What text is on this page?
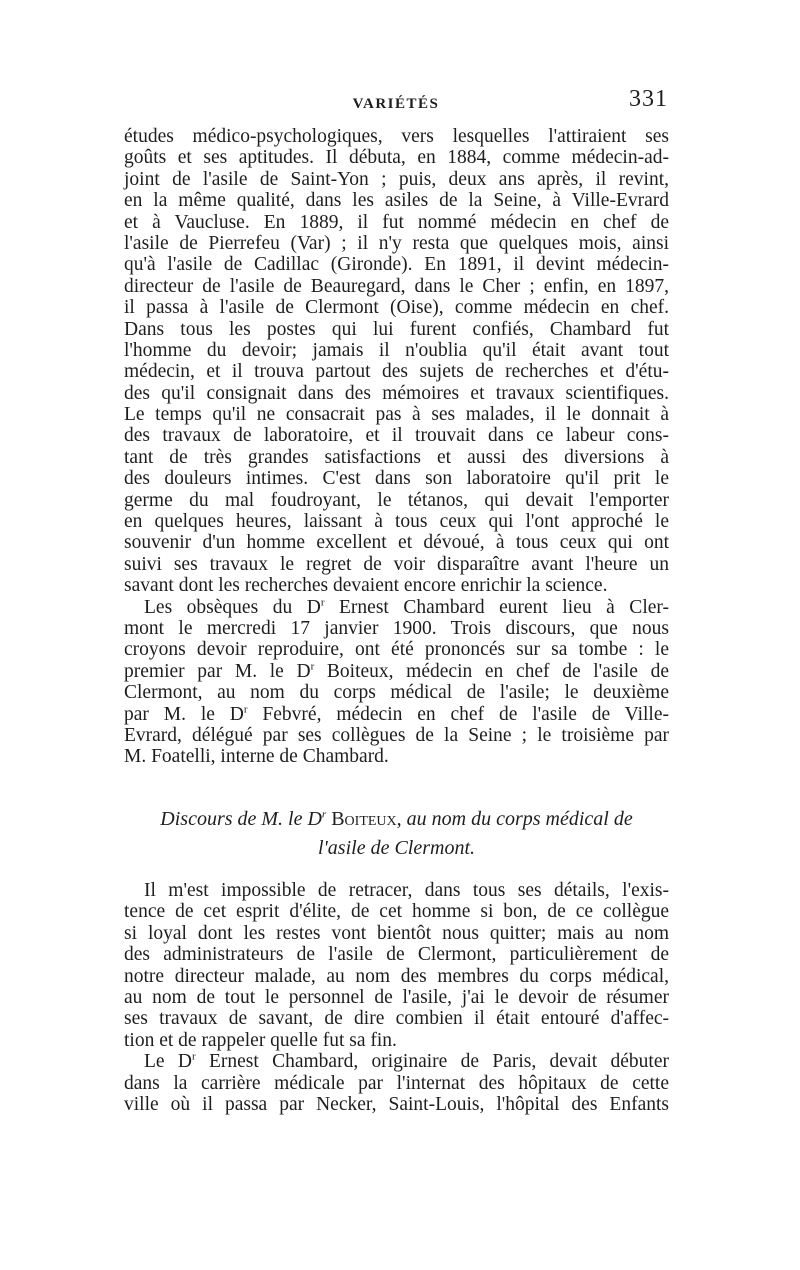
VARIÉTÉS	331
études médico-psychologiques, vers lesquelles l'attiraient ses
goûts et ses aptitudes. Il débuta, en 1884, comme médecin-ad-
joint de l'asile de Saint-Yon ; puis, deux ans après, il revint,
en la même qualité, dans les asiles de la Seine, à Ville-Evrard
et à Vaucluse. En 1889, il fut nommé médecin en chef de
l'asile de Pierrefeu (Var) ; il n'y resta que quelques mois, ainsi
qu'à l'asile de Cadillac (Gironde). En 1891, il devint médecin-
directeur de l'asile de Beauregard, dans le Cher ; enfin, en 1897,
il passa à l'asile de Clermont (Oise), comme médecin en chef.
Dans tous les postes qui lui furent confiés, Chambard fut
l'homme du devoir; jamais il n'oublia qu'il était avant tout
médecin, et il trouva partout des sujets de recherches et d'étu-
des qu'il consignait dans des mémoires et travaux scientifiques.
Le temps qu'il ne consacrait pas à ses malades, il le donnait à
des travaux de laboratoire, et il trouvait dans ce labeur cons-
tant de très grandes satisfactions et aussi des diversions à
des douleurs intimes. C'est dans son laboratoire qu'il prit le
germe du mal foudroyant, le tétanos, qui devait l'emporter
en quelques heures, laissant à tous ceux qui l'ont approché le
souvenir d'un homme excellent et dévoué, à tous ceux qui ont
suivi ses travaux le regret de voir disparaître avant l'heure un
savant dont les recherches devaient encore enrichir la science.
Les obsèques du $D^r$ Ernest Chambard eurent lieu à Cler-
mont le mercredi 17 janvier 1900. Trois discours, que nous
croyons devoir reproduire, ont été prononcés sur sa tombe : le
premier par M. le $D^r$ Boiteux, médecin en chef de l'asile de
Clermont, au nom du corps médical de l'asile; le deuxième
par M. le $D^r$ Febvré, médecin en chef de l'asile de Ville-
Evrard, délégué par ses collègues de la Seine ; le troisième par
M. Foatelli, interne de Chambard.
Discours de M. le $D^r$ Boiteux, au nom du corps médical de
l'asile de Clermont.
Il m'est impossible de retracer, dans tous ses détails, l'exis-
tence de cet esprit d'élite, de cet homme si bon, de ce collègue
si loyal dont les restes vont bientôt nous quitter; mais au nom
des administrateurs de l'asile de Clermont, particulièrement de
notre directeur malade, au nom des membres du corps médical,
au nom de tout le personnel de l'asile, j'ai le devoir de résumer
ses travaux de savant, de dire combien il était entouré d'affec-
tion et de rappeler quelle fut sa fin.
Le $D^r$ Ernest Chambard, originaire de Paris, devait débuter
dans la carrière médicale par l'internat des hôpitaux de cette
ville où il passa par Necker, Saint-Louis, l'hôpital des Enfants
